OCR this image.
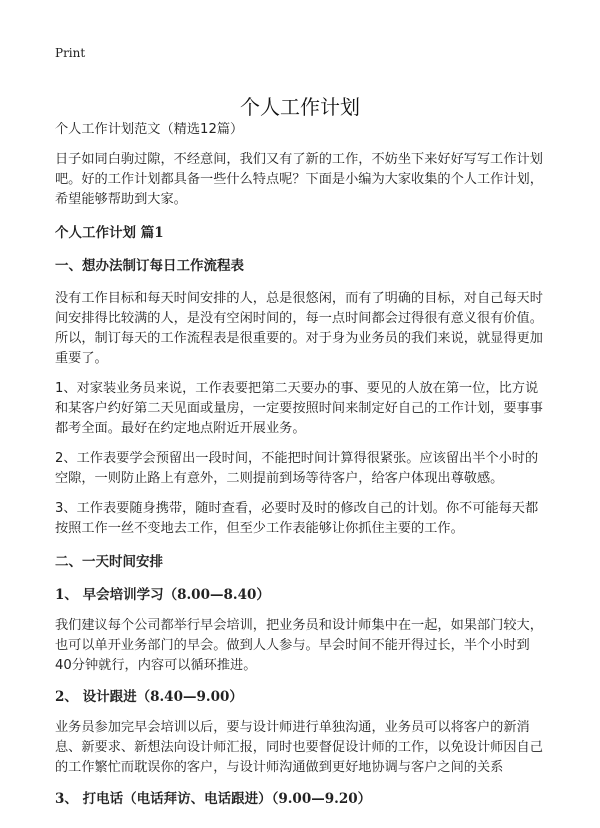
Print
个人工作计划

个人工作计划范文（精选12篇）

日子如同白驹过隙，不经意间，我们又有了新的工作，不妨坐下来好好写写工作计划吧。好的工作计划都具备一些什么特点呢？下面是小编为大家收集的个人工作计划，希望能够帮助到大家。

个人工作计划 篇1

一、想办法制订每日工作流程表

没有工作目标和每天时间安排的人，总是很悠闲，而有了明确的目标，对自己每天时间安排得比较满的人，是没有空闲时间的，每一点时间都会过得很有意义很有价值。所以，制订每天的工作流程表是很重要的。对于身为业务员的我们来说，就显得更加重要了。

1、对家装业务员来说，工作表要把第二天要办的事、要见的人放在第一位，比方说和某客户约好第二天见面或量房，一定要按照时间来制定好自己的工作计划，要事事都考全面。最好在约定地点附近开展业务。

2、工作表要学会预留出一段时间，不能把时间计算得很紧张。应该留出半个小时的空隙，一则防止路上有意外，二则提前到场等待客户，给客户体现出尊敬感。

3、工作表要随身携带，随时查看，必要时及时的修改自己的计划。你不可能每天都按照工作一丝不变地去工作，但至少工作表能够让你抓住主要的工作。

二、一天时间安排

1、 早会培训学习（8.00—8.40）

我们建议每个公司都举行早会培训，把业务员和设计师集中在一起，如果部门较大，也可以单开业务部门的早会。做到人人参与。早会时间不能开得过长，半个小时到40分钟就行，内容可以循环推进。

2、 设计跟进（8.40—9.00）

业务员参加完早会培训以后，要与设计师进行单独沟通，业务员可以将客户的新消息、新要求、新想法向设计师汇报，同时也要督促设计师的工作，以免设计师因自己的工作繁忙而耽误你的客户，与设计师沟通做到更好地协调与客户之间的关系

3、 打电话（电话拜访、电话跟进）（9.00—9.20）
